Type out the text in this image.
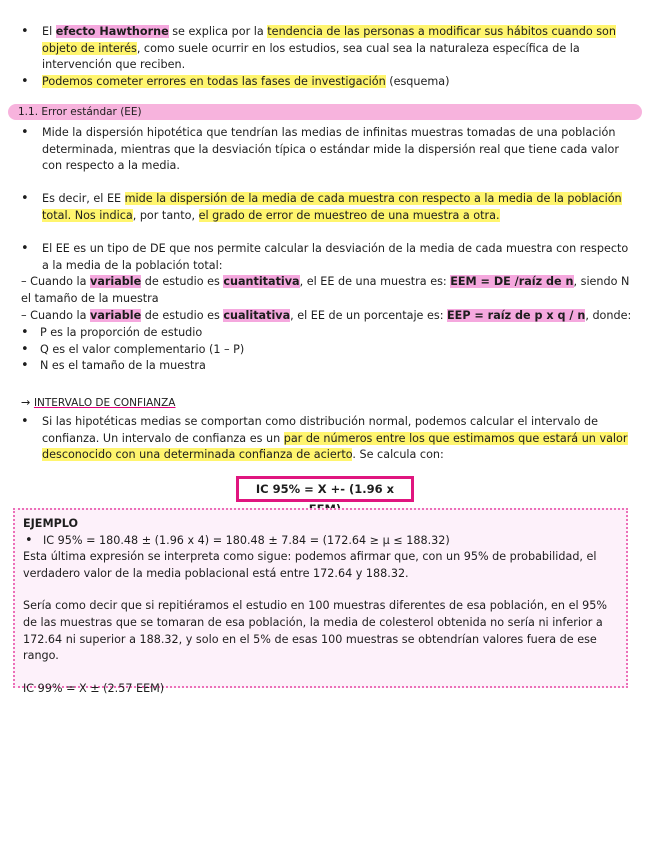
• El efecto Hawthorne se explica por la tendencia de las personas a modificar sus hábitos cuando son objeto de interés, como suele ocurrir en los estudios, sea cual sea la naturaleza específica de la intervención que reciben.
• Podemos cometer errores en todas las fases de investigación (esquema)
1.1. Error estándar (EE)
• Mide la dispersión hipotética que tendrían las medias de infinitas muestras tomadas de una población determinada, mientras que la desviación típica o estándar mide la dispersión real que tiene cada valor con respecto a la media.
• Es decir, el EE mide la dispersión de la media de cada muestra con respecto a la media de la población total. Nos indica, por tanto, el grado de error de muestreo de una muestra a otra.
• El EE es un tipo de DE que nos permite calcular la desviación de la media de cada muestra con respecto a la media de la población total:
– Cuando la variable de estudio es cuantitativa, el EE de una muestra es: EEM = DE /raíz de n, siendo N el tamaño de la muestra
– Cuando la variable de estudio es cualitativa, el EE de un porcentaje es: EEP = raíz de p x q / n, donde:
• P es la proporción de estudio
• Q es el valor complementario (1 – P)
• N es el tamaño de la muestra
→ INTERVALO DE CONFIANZA
• Si las hipotéticas medias se comportan como distribución normal, podemos calcular el intervalo de confianza. Un intervalo de confianza es un par de números entre los que estimamos que estará un valor desconocido con una determinada confianza de acierto. Se calcula con:
IC 95% = X +- (1.96 x
EJEMPLO
• IC 95% = 180.48 ± (1.96 x 4) = 180.48 ± 7.84 = (172.64 ≥ μ ≤ 188.32)
Esta última expresión se interpreta como sigue: podemos afirmar que, con un 95% de probabilidad, el verdadero valor de la media poblacional está entre 172.64 y 188.32.
Sería como decir que si repitiéramos el estudio en 100 muestras diferentes de esa población, en el 95% de las muestras que se tomaran de esa población, la media de colesterol obtenida no sería ni inferior a 172.64 ni superior a 188.32, y solo en el 5% de esas 100 muestras se obtendrían valores fuera de ese rango.
IC 99% = X ± (2.57 EEM)
